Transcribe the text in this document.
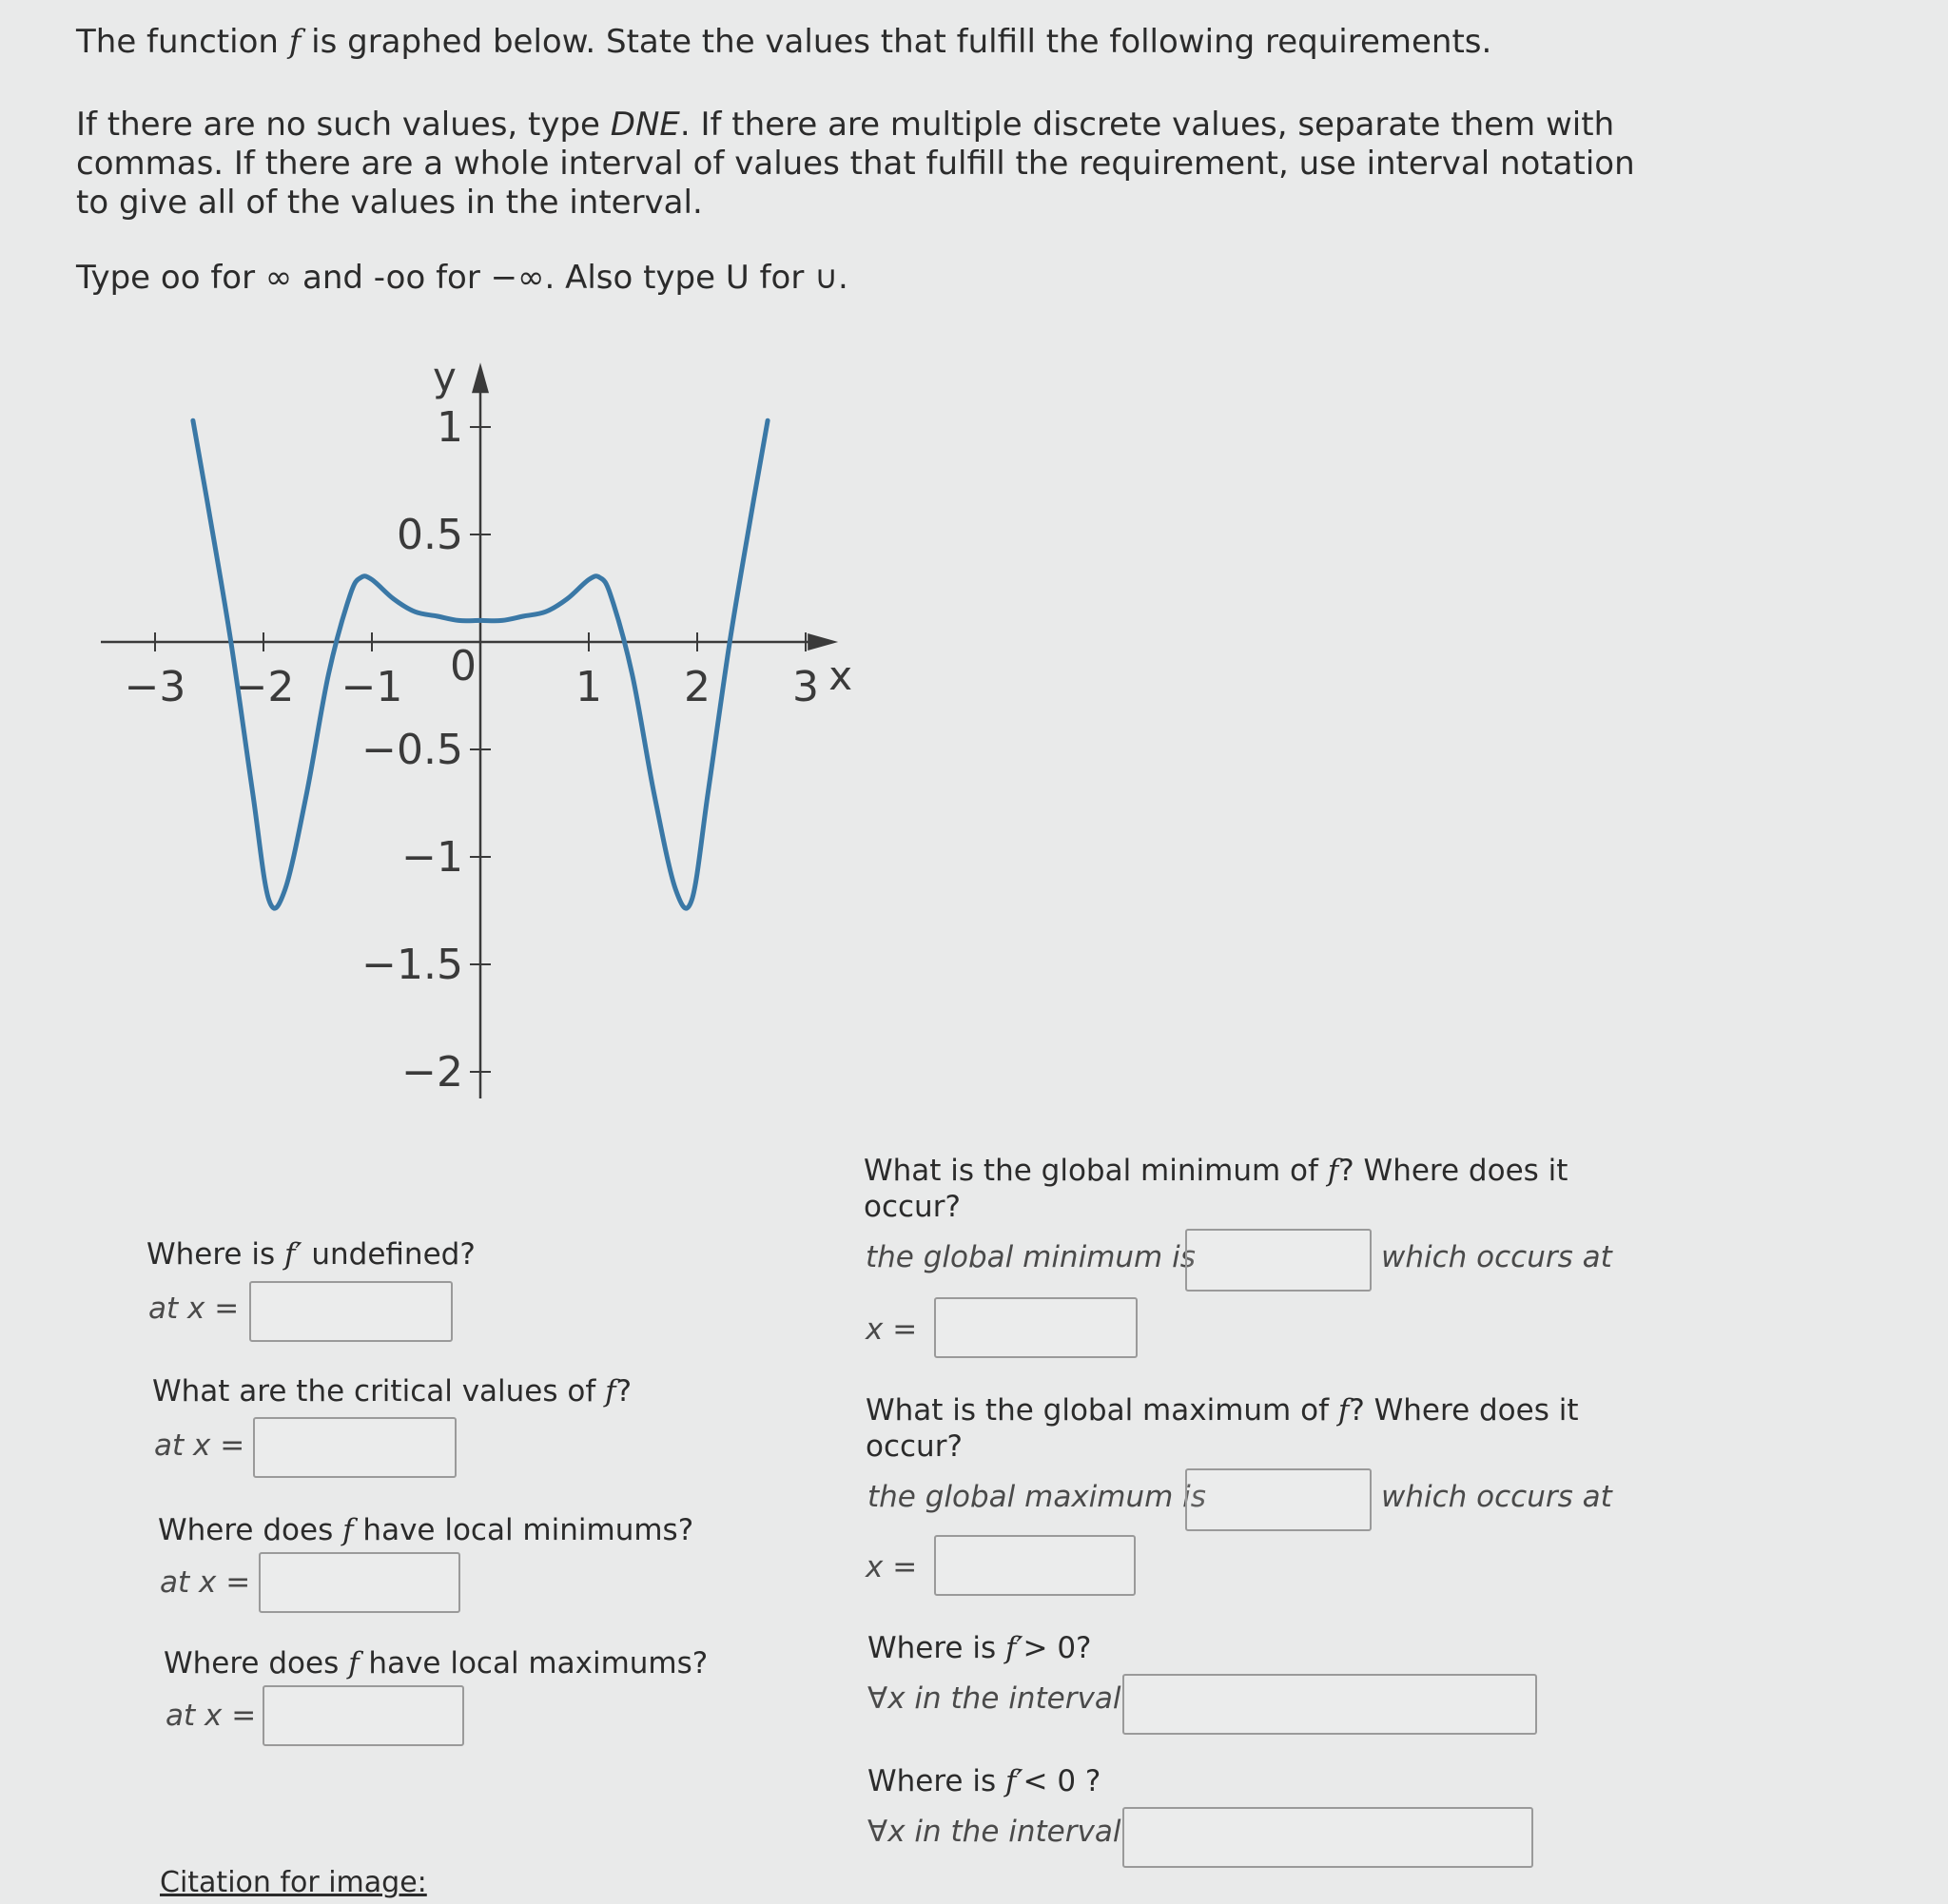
The function f is graphed below. State the values that fulfill the following requirements.

If there are no such values, type DNE. If there are multiple discrete values, separate them with commas. If there are a whole interval of values that fulfill the requirement, use interval notation to give all of the values in the interval.

Type oo for ∞ and -oo for −∞. Also type U for ∪.

−3 −2 −1 0 1 2 3
1
0.5
−0.5
−1
−1.5
−2
x
y
Where is f′ undefined?
at x =
What are the critical values of f?
at x =
Where does f have local minimums?
at x =
Where does f have local maximums?
at x =
What is the global minimum of f? Where does it occur?
the global minimum is	which occurs at
x =
What is the global maximum of f? Where does it occur?
the global maximum is	which occurs at
x =
Where is f′> 0?
∀x in the interval
Where is f′< 0 ?
∀x in the interval
Citation for image:
